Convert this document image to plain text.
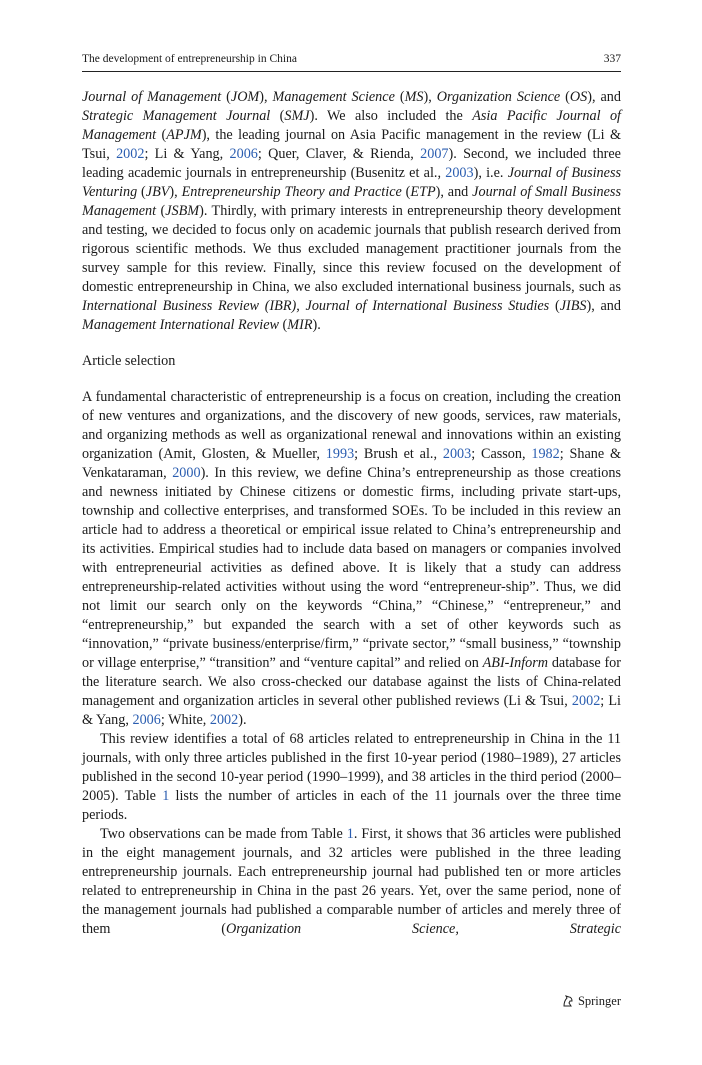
The development of entrepreneurship in China	337

Journal of Management (JOM), Management Science (MS), Organization Science (OS), and Strategic Management Journal (SMJ). We also included the Asia Pacific Journal of Management (APJM), the leading journal on Asia Pacific management in the review (Li & Tsui, 2002; Li & Yang, 2006; Quer, Claver, & Rienda, 2007). Second, we included three leading academic journals in entrepreneurship (Busenitz et al., 2003), i.e. Journal of Business Venturing (JBV), Entrepreneurship Theory and Practice (ETP), and Journal of Small Business Management (JSBM). Thirdly, with primary interests in entrepreneurship theory development and testing, we decided to focus only on academic journals that publish research derived from rigorous scientific methods. We thus excluded management practitioner journals from the survey sample for this review. Finally, since this review focused on the development of domestic entrepreneurship in China, we also excluded international business journals, such as International Business Review (IBR), Journal of International Business Studies (JIBS), and Management International Review (MIR).

Article selection

A fundamental characteristic of entrepreneurship is a focus on creation, including the creation of new ventures and organizations, and the discovery of new goods, services, raw materials, and organizing methods as well as organizational renewal and innovations within an existing organization (Amit, Glosten, & Mueller, 1993; Brush et al., 2003; Casson, 1982; Shane & Venkataraman, 2000). In this review, we define China’s entrepreneurship as those creations and newness initiated by Chinese citizens or domestic firms, including private start-ups, township and collective enterprises, and transformed SOEs. To be included in this review an article had to address a theoretical or empirical issue related to China’s entrepreneurship and its activities. Empirical studies had to include data based on managers or companies involved with entrepreneurial activities as defined above. It is likely that a study can address entrepreneurship-related activities without using the word “entrepreneur-ship”. Thus, we did not limit our search only on the keywords “China,” “Chinese,” “entrepreneur,” and “entrepreneurship,” but expanded the search with a set of other keywords such as “innovation,” “private business/enterprise/firm,” “private sector,” “small business,” “township or village enterprise,” “transition” and “venture capital” and relied on ABI-Inform database for the literature search. We also cross-checked our database against the lists of China-related management and organization articles in several other published reviews (Li & Tsui, 2002; Li & Yang, 2006; White, 2002).

This review identifies a total of 68 articles related to entrepreneurship in China in the 11 journals, with only three articles published in the first 10-year period (1980–1989), 27 articles published in the second 10-year period (1990–1999), and 38 articles in the third period (2000–2005). Table 1 lists the number of articles in each of the 11 journals over the three time periods.

Two observations can be made from Table 1. First, it shows that 36 articles were published in the eight management journals, and 32 articles were published in the three leading entrepreneurship journals. Each entrepreneurship journal had published ten or more articles related to entrepreneurship in China in the past 26 years. Yet, over the same period, none of the management journals had published a comparable number of articles and merely three of them (Organization Science, Strategic

Springer
